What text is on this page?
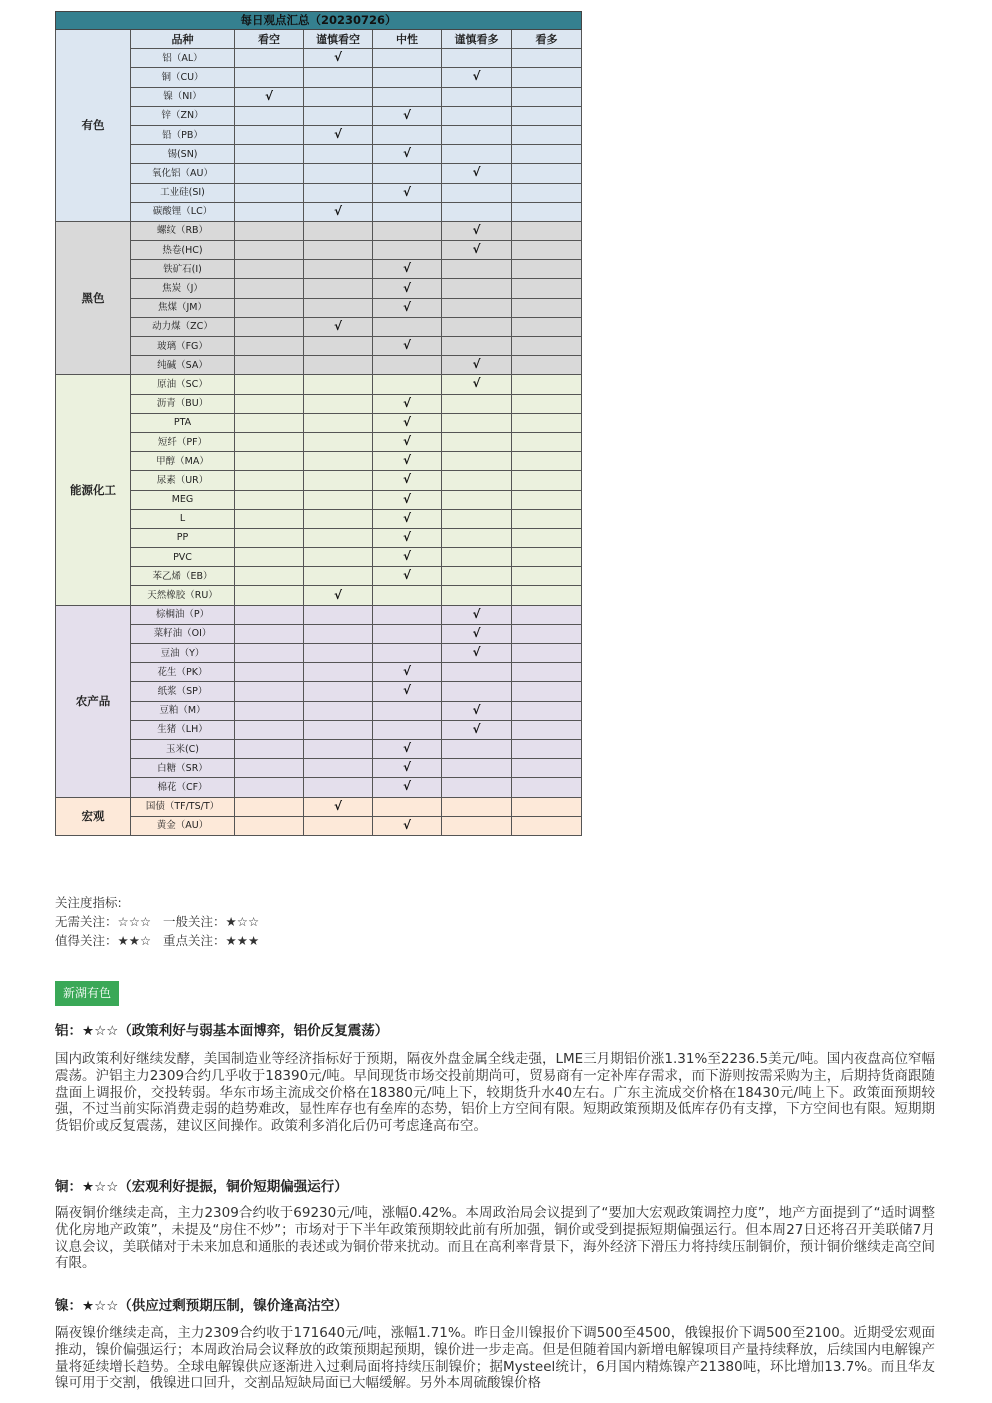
每日观点汇总（20230726）						
有色	品种	看空	谨慎看空	中性	谨慎看多	看多
	铝（AL）		√			
	铜（CU）				√	
	镍（NI）	√				
	锌（ZN）			√		
	铅（PB）		√			
	锡(SN)			√		
	氧化铝（AU）				√	
	工业硅(SI)			√		
	碳酸锂（LC）		√			
黑色	螺纹（RB）				√	
	热卷(HC)				√	
	铁矿石(I)			√		
	焦炭（J）			√		
	焦煤（JM）			√		
	动力煤（ZC）		√			
	玻璃（FG）			√		
	纯碱（SA）				√	
能源化工	原油（SC）				√	
	沥青（BU）			√		
	PTA			√		
	短纤（PF）			√		
	甲醇（MA）			√		
	尿素（UR）			√		
	MEG			√		
	L			√		
	PP			√		
	PVC			√		
	苯乙烯（EB）			√		
	天然橡胶（RU）		√			
农产品	棕榈油（P）				√	
	菜籽油（OI）				√	
	豆油（Y）				√	
	花生（PK）			√		
	纸浆（SP）			√		
	豆粕（M）				√	
	生猪（LH）				√	
	玉米(C)			√		
	白糖（SR）			√		
	棉花（CF）			√		
宏观	国债（TF/TS/T）		√			
	黄金（AU）			√		
关注度指标:
无需关注：☆☆☆   一般关注：★☆☆
值得关注：★★☆   重点关注：★★★
新湖有色
铝：★☆☆（政策利好与弱基本面博弈，铝价反复震荡）
国内政策利好继续发酵，美国制造业等经济指标好于预期，隔夜外盘金属全线走强，LME三月期铝价涨1.31%至2236.5美元/吨。国内夜盘高位窄幅震荡。沪铝主力2309合约几乎收于18390元/吨。早间现货市场交投前期尚可，贸易商有一定补库存需求，而下游则按需采购为主，后期持货商跟随盘面上调报价，交投转弱。华东市场主流成交价格在18380元/吨上下，较期货升水40左右。广东主流成交价格在18430元/吨上下。政策面预期较强，不过当前实际消费走弱的趋势难改，显性库存也有垒库的态势，铝价上方空间有限。短期政策预期及低库存仍有支撑，下方空间也有限。短期期货铝价或反复震荡，建议区间操作。政策利多消化后仍可考虑逢高布空。
铜：★☆☆（宏观利好提振，铜价短期偏强运行）
隔夜铜价继续走高，主力2309合约收于69230元/吨，涨幅0.42%。本周政治局会议提到了“要加大宏观政策调控力度”，地产方面提到了“适时调整优化房地产政策”，未提及“房住不炒”；市场对于下半年政策预期较此前有所加强，铜价或受到提振短期偏强运行。但本周27日还将召开美联储7月议息会议，美联储对于未来加息和通胀的表述或为铜价带来扰动。而且在高利率背景下，海外经济下滑压力将持续压制铜价，预计铜价继续走高空间有限。
镍：★☆☆（供应过剩预期压制，镍价逢高沽空）
隔夜镍价继续走高，主力2309合约收于171640元/吨，涨幅1.71%。昨日金川镍报价下调500至4500，俄镍报价下调500至2100。近期受宏观面推动，镍价偏强运行；本周政治局会议释放的政策预期起预期，镍价进一步走高。但是但随着国内新增电解镍项目产量持续释放，后续国内电解镍产量将延续增长趋势。全球电解镍供应逐渐进入过剩局面将持续压制镍价；据Mysteel统计，6月国内精炼镍产21380吨，环比增加13.7%。而且华友镍可用于交割，俄镍进口回升，交割品短缺局面已大幅缓解。另外本周硫酸镍价格
